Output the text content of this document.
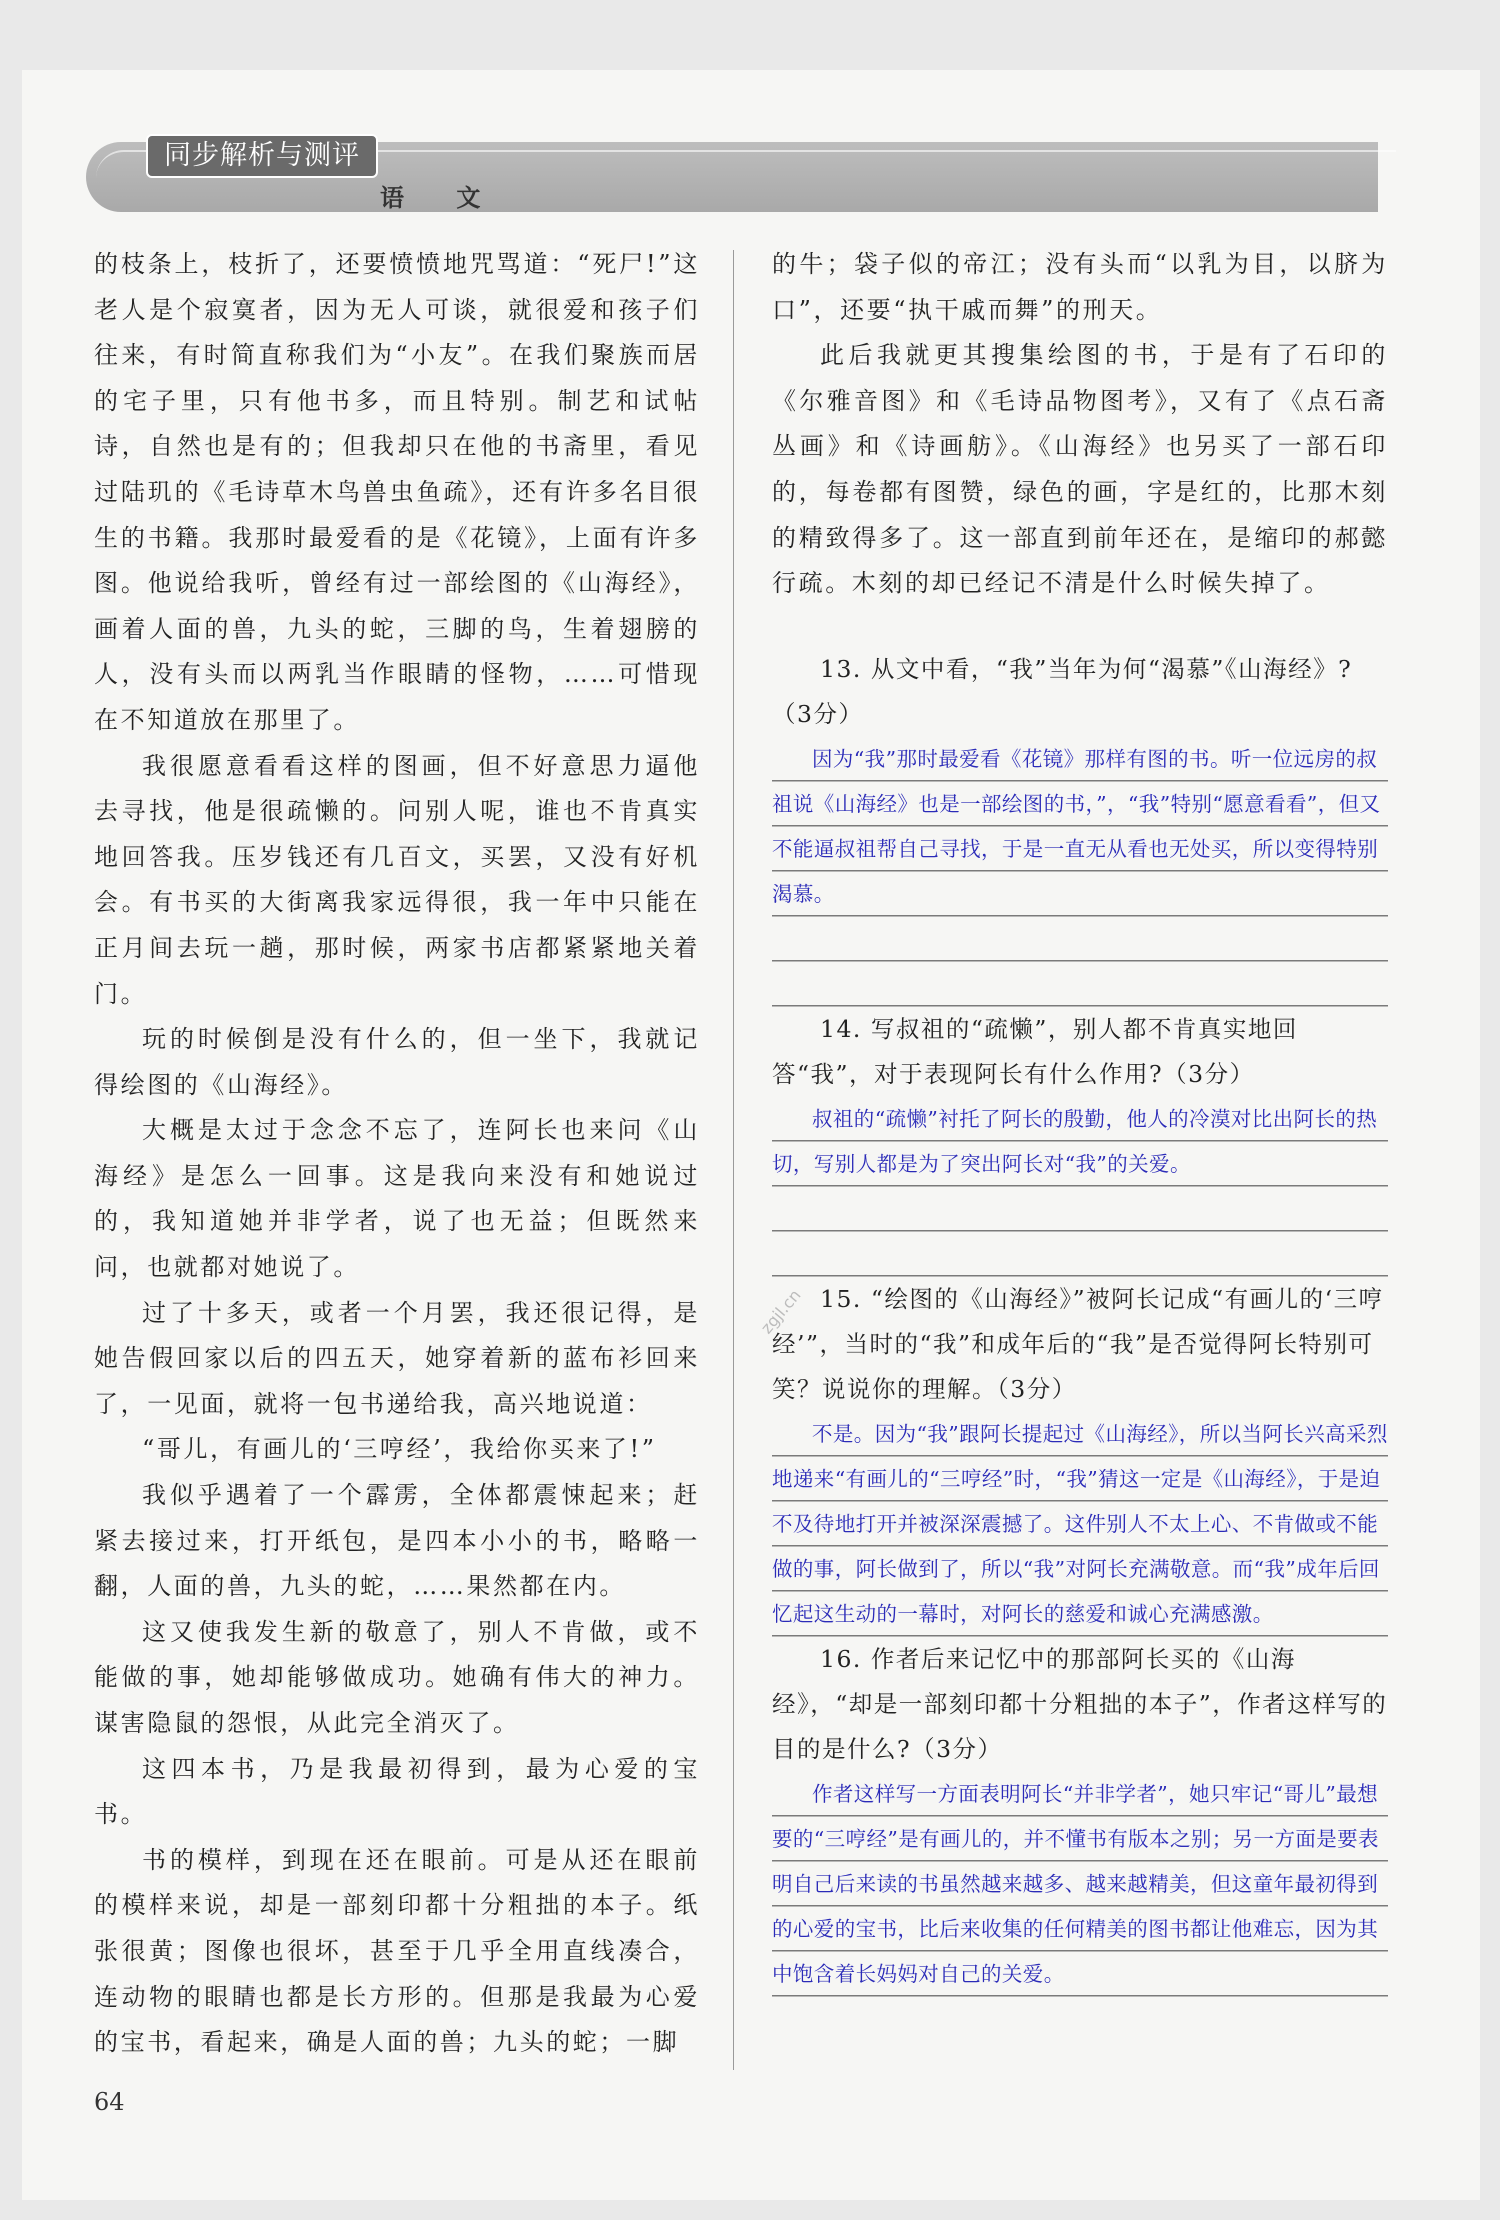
同步解析与测评
语 文

的枝条上，枝折了，还要愤愤地咒骂道：“死尸!”这老人是个寂寞者，因为无人可谈，就很爱和孩子们往来，有时简直称我们为“小友”。在我们聚族而居的宅子里，只有他书多，而且特别。制艺和试帖诗，自然也是有的；但我却只在他的书斋里，看见过陆玑的《毛诗草木鸟兽虫鱼疏》，还有许多名目很生的书籍。我那时最爱看的是《花镜》，上面有许多图。他说给我听，曾经有过一部绘图的《山海经》，画着人面的兽，九头的蛇，三脚的鸟，生着翅膀的人，没有头而以两乳当作眼睛的怪物，……可惜现在不知道放在那里了。

我很愿意看看这样的图画，但不好意思力逼他去寻找，他是很疏懒的。问别人呢，谁也不肯真实地回答我。压岁钱还有几百文，买罢，又没有好机会。有书买的大街离我家远得很，我一年中只能在正月间去玩一趟，那时候，两家书店都紧紧地关着门。

玩的时候倒是没有什么的，但一坐下，我就记得绘图的《山海经》。

大概是太过于念念不忘了，连阿长也来问《山海经》是怎么一回事。这是我向来没有和她说过的，我知道她并非学者，说了也无益；但既然来问，也就都对她说了。

过了十多天，或者一个月罢，我还很记得，是她告假回家以后的四五天，她穿着新的蓝布衫回来了，一见面，就将一包书递给我，高兴地说道：

“哥儿，有画儿的‘三哼经’，我给你买来了!”

我似乎遇着了一个霹雳，全体都震悚起来；赶紧去接过来，打开纸包，是四本小小的书，略略一翻，人面的兽，九头的蛇，……果然都在内。

这又使我发生新的敬意了，别人不肯做，或不能做的事，她却能够做成功。她确有伟大的神力。谋害隐鼠的怨恨，从此完全消灭了。

这四本书，乃是我最初得到，最为心爱的宝书。

书的模样，到现在还在眼前。可是从还在眼前的模样来说，却是一部刻印都十分粗拙的本子。纸张很黄；图像也很坏，甚至于几乎全用直线凑合，连动物的眼睛也都是长方形的。但那是我最为心爱的宝书，看起来，确是人面的兽；九头的蛇；一脚

的牛；袋子似的帝江；没有头而“以乳为目，以脐为口”，还要“执干戚而舞”的刑天。

此后我就更其搜集绘图的书，于是有了石印的《尔雅音图》和《毛诗品物图考》，又有了《点石斋丛画》和《诗画舫》。《山海经》也另买了一部石印的，每卷都有图赞，绿色的画，字是红的，比那木刻的精致得多了。这一部直到前年还在，是缩印的郝懿行疏。木刻的却已经记不清是什么时候失掉了。

13. 从文中看，“我”当年为何“渴慕”《山海经》?（3分）

因为“我”那时最爱看《花镜》那样有图的书。听一位远房的叔祖说《山海经》也是一部绘图的书，”，“我”特别“愿意看看”，但又不能逼叔祖帮自己寻找，于是一直无从看也无处买，所以变得特别渴慕。

14. 写叔祖的“疏懒”，别人都不肯真实地回答“我”，对于表现阿长有什么作用?（3分）

叔祖的“疏懒”衬托了阿长的殷勤，他人的冷漠对比出阿长的热切，写别人都是为了突出阿长对“我”的关爱。

15. “绘图的《山海经》”被阿长记成“有画儿的‘三哼经’”，当时的“我”和成年后的“我”是否觉得阿长特别可笑？说说你的理解。（3分）

不是。因为“我”跟阿长提起过《山海经》，所以当阿长兴高采烈地递来“有画儿的“三哼经”时，“我”猜这一定是《山海经》，于是迫不及待地打开并被深深震撼了。这件别人不太上心、不肯做或不能做的事，阿长做到了，所以“我”对阿长充满敬意。而“我”成年后回忆起这生动的一幕时，对阿长的慈爱和诚心充满感激。

16. 作者后来记忆中的那部阿长买的《山海经》，“却是一部刻印都十分粗拙的本子”，作者这样写的目的是什么?（3分）

作者这样写一方面表明阿长“并非学者”，她只牢记“哥儿”最想要的“三哼经”是有画儿的，并不懂书有版本之别；另一方面是要表明自己后来读的书虽然越来越多、越来越精美，但这童年最初得到的心爱的宝书，比后来收集的任何精美的图书都让他难忘，因为其中饱含着长妈妈对自己的关爱。
zgjl.cn
64
